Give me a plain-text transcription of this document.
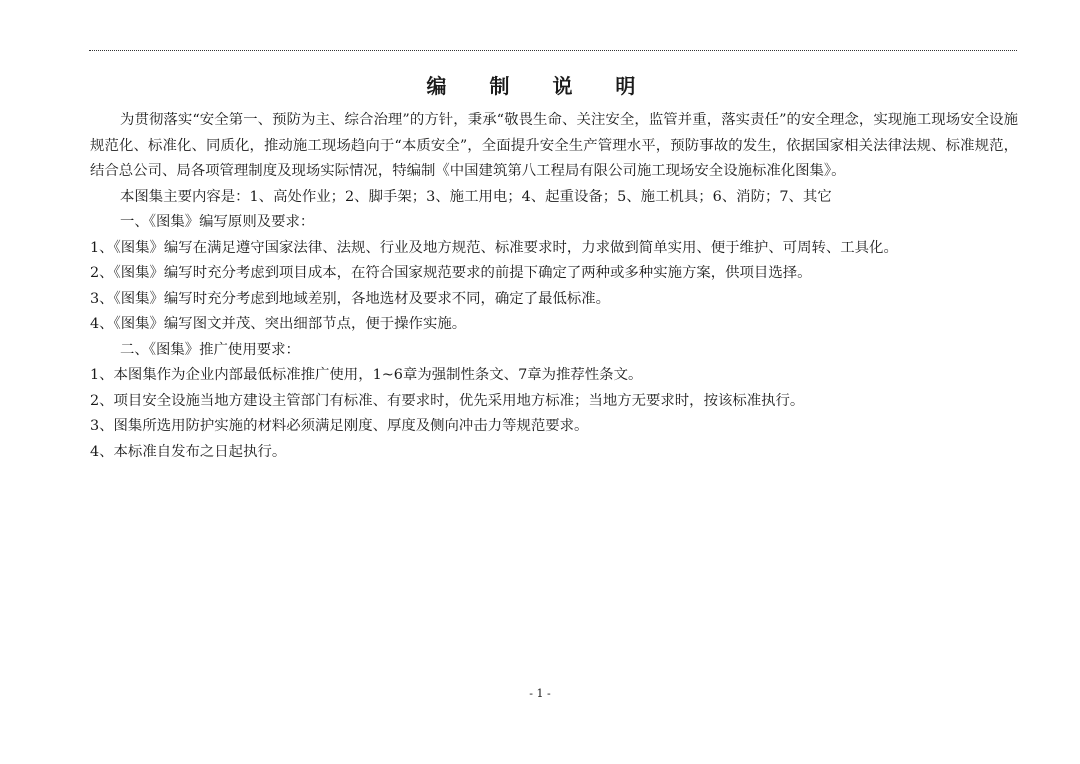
编 制 说 明

为贯彻落实“安全第一、预防为主、综合治理”的方针，秉承“敬畏生命、关注安全，监管并重，落实责任”的安全理念，实现施工现场安全设施规范化、标准化、同质化，推动施工现场趋向于“本质安全”，全面提升安全生产管理水平，预防事故的发生，依据国家相关法律法规、标准规范，结合总公司、局各项管理制度及现场实际情况，特编制《中国建筑第八工程局有限公司施工现场安全设施标准化图集》。

本图集主要内容是：1、高处作业；2、脚手架；3、施工用电；4、起重设备；5、施工机具；6、消防；7、其它

一、《图集》编写原则及要求：

1、《图集》编写在满足遵守国家法律、法规、行业及地方规范、标准要求时，力求做到简单实用、便于维护、可周转、工具化。

2、《图集》编写时充分考虑到项目成本，在符合国家规范要求的前提下确定了两种或多种实施方案，供项目选择。

3、《图集》编写时充分考虑到地域差别，各地选材及要求不同，确定了最低标准。

4、《图集》编写图文并茂、突出细部节点，便于操作实施。

二、《图集》推广使用要求：

1、本图集作为企业内部最低标准推广使用，1~6章为强制性条文、7章为推荐性条文。

2、项目安全设施当地方建设主管部门有标准、有要求时，优先采用地方标准；当地方无要求时，按该标准执行。

3、图集所选用防护实施的材料必须满足刚度、厚度及侧向冲击力等规范要求。

4、本标准自发布之日起执行。

- 1 -
